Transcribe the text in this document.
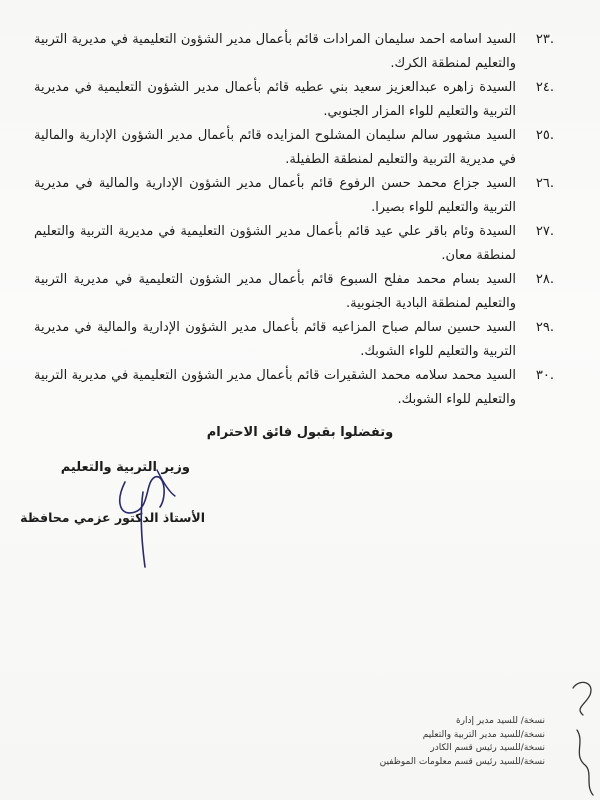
.٢٣
السيد اسامه احمد سليمان المرادات قائم بأعمال مدير الشؤون التعليمية في مديرية التربية والتعليم لمنطقة الكرك.
.٢٤
السيدة زاهره عبدالعزيز سعيد بني عطيه قائم بأعمال مدير الشؤون التعليمية في مديرية التربية والتعليم للواء المزار الجنوبي.
.٢٥
السيد مشهور سالم سليمان المشلوح المزايده قائم بأعمال مدير الشؤون الإدارية والمالية في مديرية التربية والتعليم لمنطقة الطفيلة.
.٢٦
السيد جزاع محمد حسن الرفوع قائم بأعمال مدير الشؤون الإدارية والمالية في مديرية التربية والتعليم للواء بصيرا.
.٢٧
السيدة وئام باقر علي عيد قائم بأعمال مدير الشؤون التعليمية في مديرية التربية والتعليم لمنطقة معان.
.٢٨
السيد بسام محمد مفلح السبوع قائم بأعمال مدير الشؤون التعليمية في مديرية التربية والتعليم لمنطقة البادية الجنوبية.
.٢٩
السيد حسين سالم صباح المزاعيه قائم بأعمال مدير الشؤون الإدارية والمالية في مديرية التربية والتعليم للواء الشوبك.
.٣٠
السيد محمد سلامه محمد الشقيرات قائم بأعمال مدير الشؤون التعليمية في مديرية التربية والتعليم للواء الشوبك.
وتفضلوا بقبول فائق الاحترام
وزير التربية والتعليم
الأستاذ الدكتور عزمي محافظة
نسخة/ للسيد مدير إدارة
نسخة/للسيد مدير التربية والتعليم
نسخة/للسيد رئيس قسم الكادر
نسخة/للسيد رئيس قسم معلومات الموظفين
